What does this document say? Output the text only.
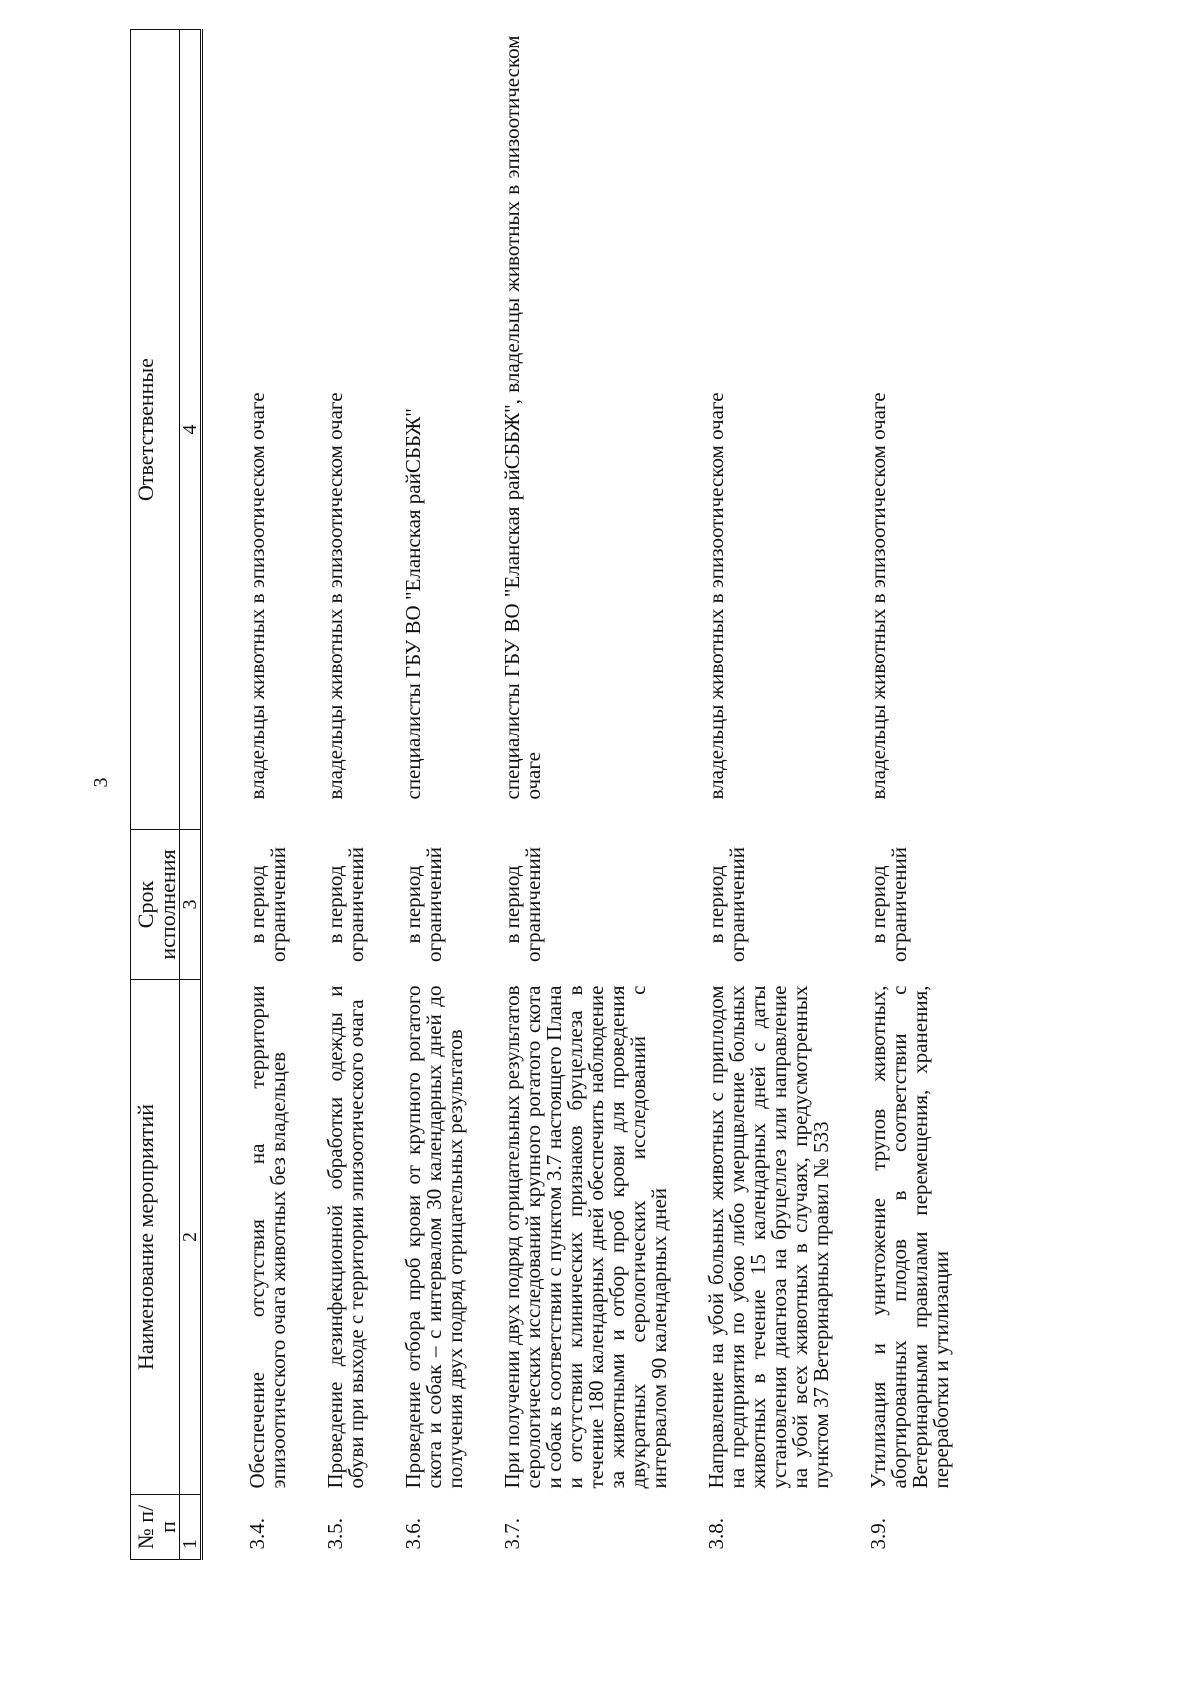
3
№ п/п	Наименование мероприятий	Срок исполнения	Ответственные
1	2	3	4
3.4.	Обеспечение отсутствия на территории эпизоотического очага животных без владельцев	в период ограничений	владельцы животных в эпизоотическом очаге
3.5.	Проведение дезинфекционной обработки одежды и обуви при выходе с территории эпизоотического очага	в период ограничений	владельцы животных в эпизоотическом очаге
3.6.	Проведение отбора проб крови от крупного рогатого скота и собак – с интервалом 30 календарных дней до получения двух подряд отрицательных результатов	в период ограничений	специалисты ГБУ ВО "Еланская райСББЖ"
3.7.	При получении двух подряд отрицательных результатов серологических исследований крупного рогатого скота и собак в соответствии с пунктом 3.7 настоящего Плана и отсутствии клинических признаков бруцеллеза в течение 180 календарных дней обеспечить наблюдение за животными и отбор проб крови для проведения двукратных серологических исследований с интервалом 90 календарных дней	в период ограничений	специалисты ГБУ ВО "Еланская райСББЖ", владельцы животных в эпизоотическом очаге
3.8.	Направление на убой больных животных с приплодом на предприятия по убою либо умерщвление больных животных в течение 15 календарных дней с даты установления диагноза на бруцеллез или направление на убой всех животных в случаях, предусмотренных пунктом 37 Ветеринарных правил № 533	в период ограничений	владельцы животных в эпизоотическом очаге
3.9.	Утилизация и уничтожение трупов животных, абортированных плодов в соответствии с Ветеринарными правилами перемещения, хранения, переработки и утилизации	в период ограничений	владельцы животных в эпизоотическом очаге
